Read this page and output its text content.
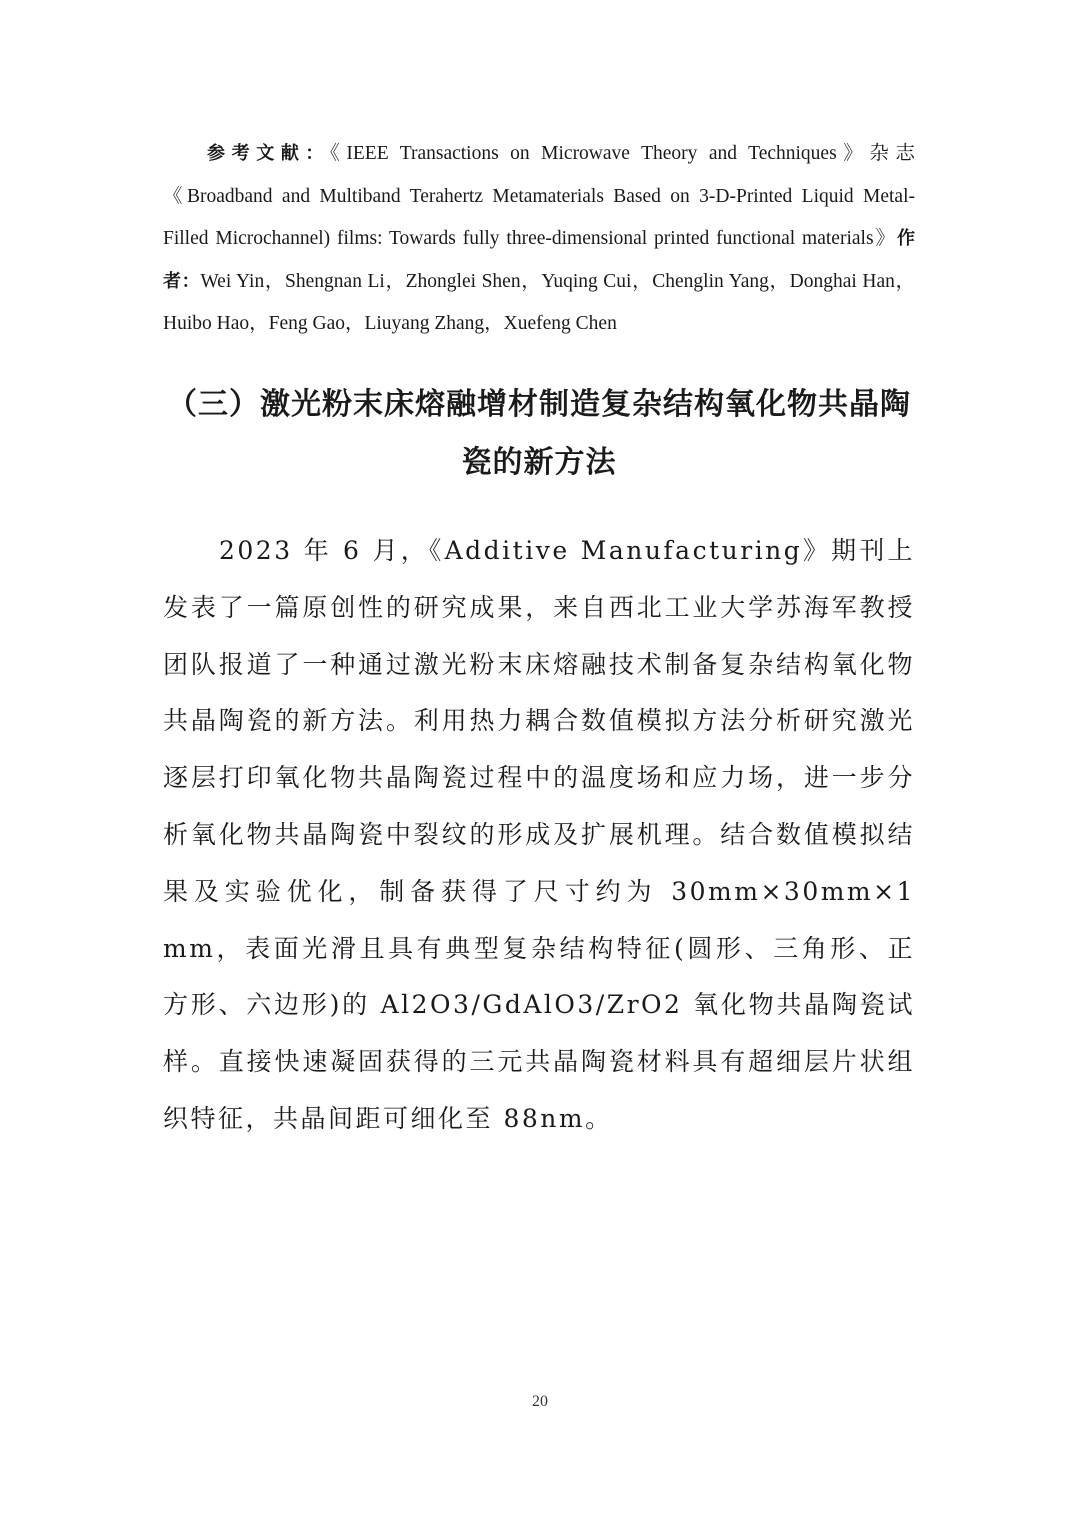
参考文献：《IEEE Transactions on Microwave Theory and Techniques》杂志《Broadband and Multiband Terahertz Metamaterials Based on 3-D-Printed Liquid Metal-Filled Microchannel) films: Towards fully three-dimensional printed functional materials》作者：Wei Yin，Shengnan Li，Zhonglei Shen，Yuqing Cui，Chenglin Yang，Donghai Han，Huibo Hao，Feng Gao，Liuyang Zhang，Xuefeng Chen

（三）激光粉末床熔融增材制造复杂结构氧化物共晶陶瓷的新方法

2023 年 6 月，《Additive Manufacturing》期刊上发表了一篇原创性的研究成果，来自西北工业大学苏海军教授团队报道了一种通过激光粉末床熔融技术制备复杂结构氧化物共晶陶瓷的新方法。利用热力耦合数值模拟方法分析研究激光逐层打印氧化物共晶陶瓷过程中的温度场和应力场，进一步分析氧化物共晶陶瓷中裂纹的形成及扩展机理。结合数值模拟结果及实验优化，制备获得了尺寸约为 30mm×30mm×1 mm，表面光滑且具有典型复杂结构特征(圆形、三角形、正方形、六边形)的 Al2O3/GdAlO3/ZrO2 氧化物共晶陶瓷试样。直接快速凝固获得的三元共晶陶瓷材料具有超细层片状组织特征，共晶间距可细化至 88nm。

20
